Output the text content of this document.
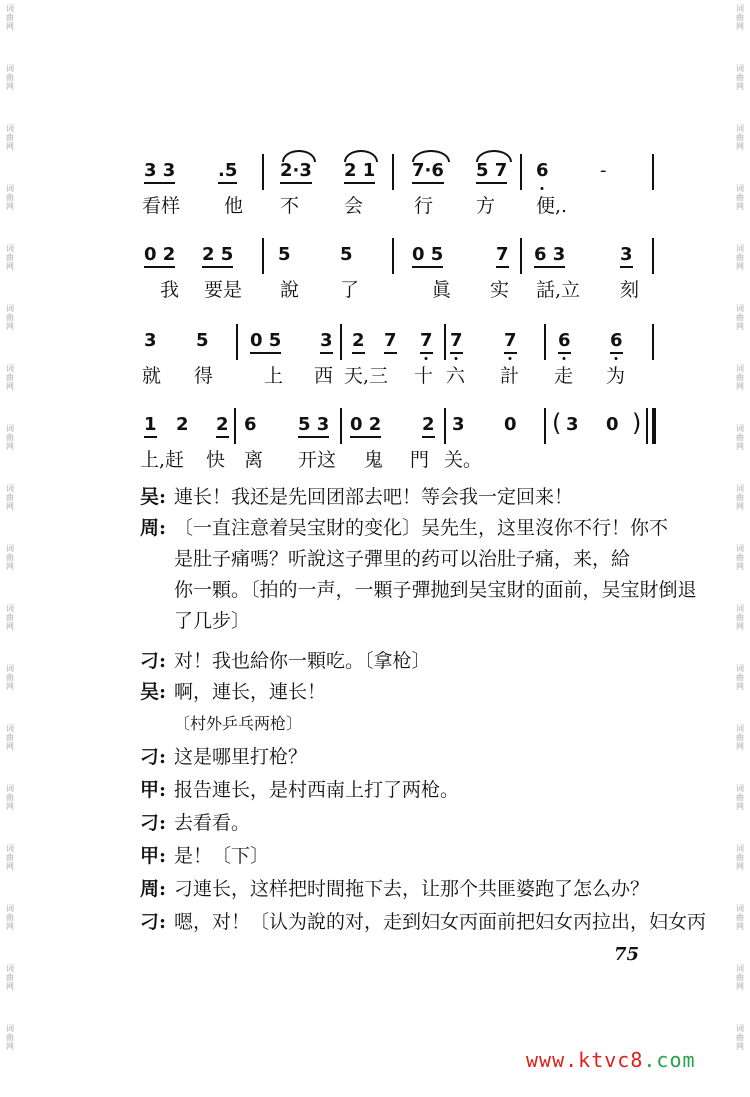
词
曲
网
词
曲
网
词
曲
网
词
曲
网
词
曲
网
词
曲
网
词
曲
网
词
曲
网
词
曲
网
词
曲
网
词
曲
网
词
曲
网
词
曲
网
词
曲
网
词
曲
网
词
曲
网
词
曲
网
词
曲
网
词
曲
网
词
曲
网
词
曲
网
词
曲
网
词
曲
网
词
曲
网
词
曲
网
词
曲
网
词
曲
网
词
曲
网
词
曲
网
词
曲
网
词
曲
网
词
曲
网
词
曲
网
词
曲
网
词
曲
网
词
曲
网
3 3 .5 2·3 2 1 7·6 5 7 6	-
看样 他 不 会	行 方 便,.
0 2 2 5 5	5	0 5	7 6 3	3
我 要是 說 了	眞 实 話,立 刻
3 5 0 5 3 2 7 7 7 7 6 6
就 得	上 西 天,三 十 六 計 走 为
1 2 2 6 5 3 0 2 2 3 0 ( 3 0 )
上,赶 快 离 开这 鬼 門 关。
吴: 連长！我还是先回团部去吧！等会我一定回来！
周: 〔一直注意着吴宝財的变化〕吴先生，这里沒你不行！你不
是肚子痛嗎？听說这子彈里的药可以治肚子痛，来，給
你一顆。〔拍的一声，一顆子彈抛到吴宝財的面前，吴宝財倒退
了几步〕
刁: 对！我也給你一顆吃。〔拿枪〕
吴: 啊，連长，連长！
〔村外乒乓两枪〕
刁: 这是哪里打枪？
甲: 报告連长，是村西南上打了两枪。
刁: 去看看。
甲: 是！〔下〕
周: 刁連长，这样把时間拖下去，让那个共匪婆跑了怎么办？
刁: 嗯，对！〔认为說的对，走到妇女丙面前把妇女丙拉出，妇女丙
75
www.ktvc8.com
